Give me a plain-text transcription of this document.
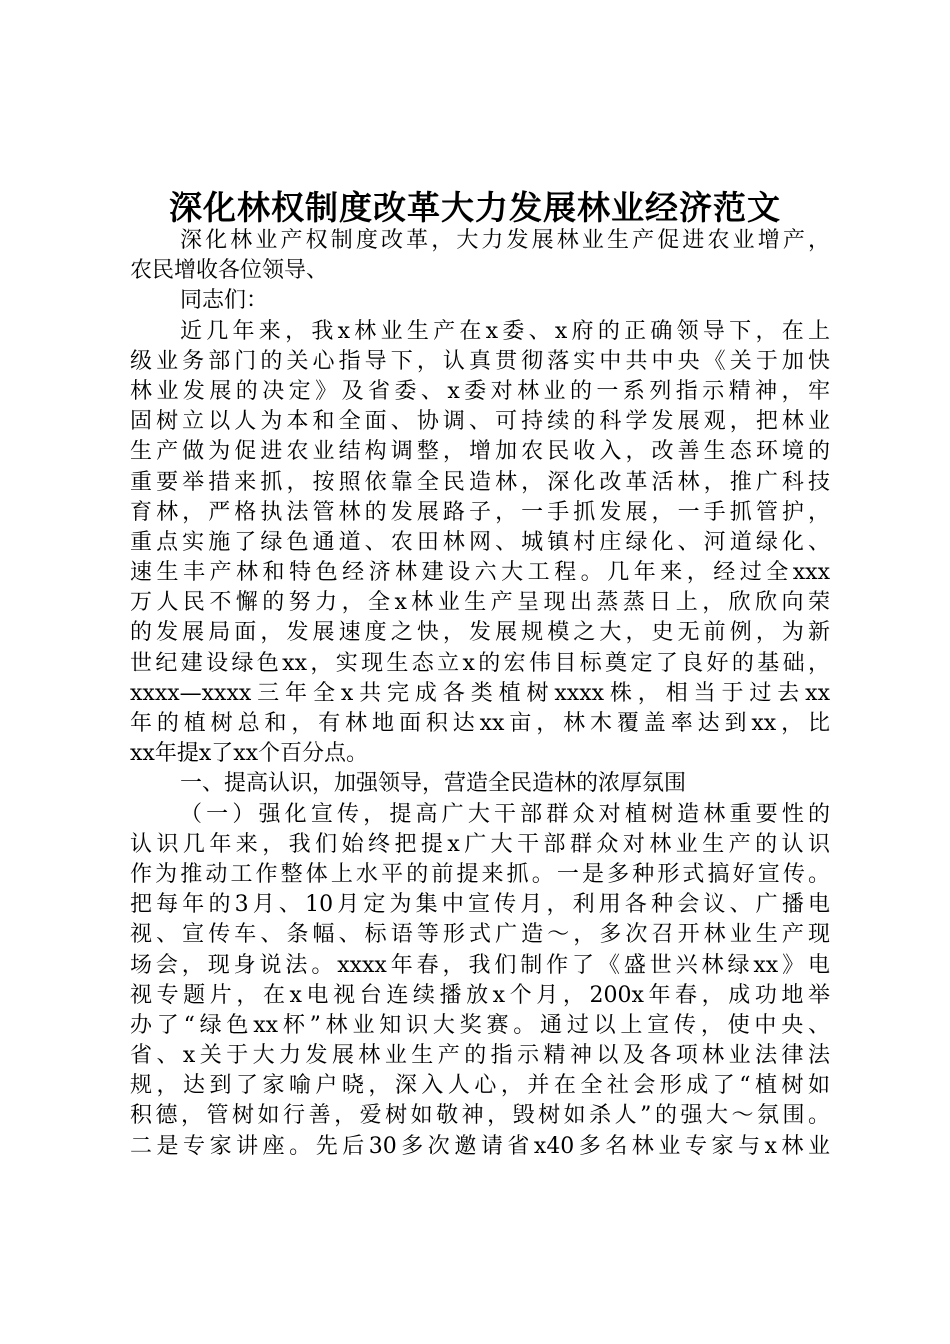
深化林权制度改革大力发展林业经济范文
深化林业产权制度改革，大力发展林业生产促进农业增产，
农民增收各位领导、
同志们：
近几年来，我x林业生产在x委、x府的正确领导下，在上
级业务部门的关心指导下，认真贯彻落实中共中央《关于加快
林业发展的决定》及省委、x委对林业的一系列指示精神，牢
固树立以人为本和全面、协调、可持续的科学发展观，把林业
生产做为促进农业结构调整，增加农民收入，改善生态环境的
重要举措来抓，按照依靠全民造林，深化改革活林，推广科技
育林，严格执法管林的发展路子，一手抓发展，一手抓管护，
重点实施了绿色通道、农田林网、城镇村庄绿化、河道绿化、
速生丰产林和特色经济林建设六大工程。几年来，经过全xxx
万人民不懈的努力，全x林业生产呈现出蒸蒸日上，欣欣向荣
的发展局面，发展速度之快，发展规模之大，史无前例，为新
世纪建设绿色xx，实现生态立x的宏伟目标奠定了良好的基础，
xxxx—xxxx三年全x共完成各类植树xxxx株，相当于过去xx
年的植树总和，有林地面积达xx亩，林木覆盖率达到xx，比
xx年提x了xx个百分点。
一、提高认识，加强领导，营造全民造林的浓厚氛围
（一）强化宣传，提高广大干部群众对植树造林重要性的
认识几年来，我们始终把提x广大干部群众对林业生产的认识
作为推动工作整体上水平的前提来抓。一是多种形式搞好宣传。
把每年的3月、10月定为集中宣传月，利用各种会议、广播电
视、宣传车、条幅、标语等形式广造～，多次召开林业生产现
场会，现身说法。xxxx年春，我们制作了《盛世兴林绿xx》电
视专题片，在x电视台连续播放x个月，200x年春，成功地举
办了“绿色xx杯”林业知识大奖赛。通过以上宣传，使中央、
省、x关于大力发展林业生产的指示精神以及各项林业法律法
规，达到了家喻户晓，深入人心，并在全社会形成了“植树如
积德，管树如行善，爱树如敬神，毁树如杀人”的强大～氛围。
二是专家讲座。先后30多次邀请省x40多名林业专家与x林业
